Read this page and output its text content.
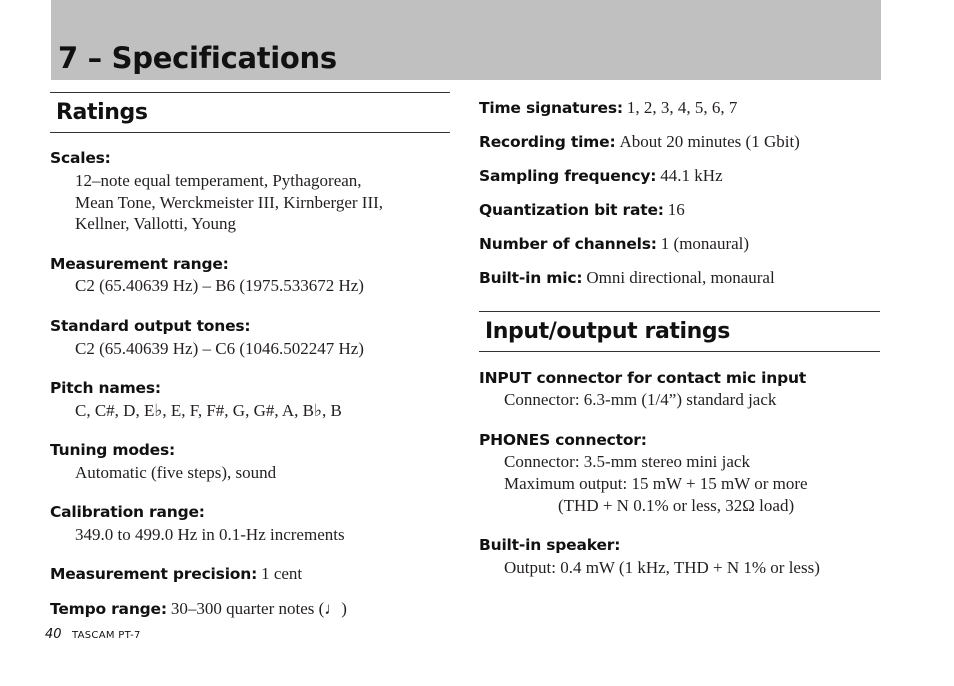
7 – Specifications
Ratings

Scales:

12–note equal temperament, Pythagorean,

Mean Tone, Werckmeister III, Kirnberger III,

Kellner, Vallotti, Young

Measurement range:

C2 (65.40639 Hz) – B6 (1975.533672 Hz)

Standard output tones:

C2 (65.40639 Hz) – C6 (1046.502247 Hz)

Pitch names:

C, C#, D, E♭, E, F, F#, G, G#, A, B♭, B

Tuning modes:

Automatic (five steps), sound

Calibration range:

349.0 to 499.0 Hz in 0.1-Hz increments

Measurement precision: 1 cent

Tempo range: 30–300 quarter notes (♩)

Time signatures: 1, 2, 3, 4, 5, 6, 7

Recording time: About 20 minutes (1 Gbit)

Sampling frequency: 44.1 kHz

Quantization bit rate: 16

Number of channels: 1 (monaural)

Built-in mic: Omni directional, monaural

Input/output ratings

INPUT connector for contact mic input

Connector: 6.3-mm (1/4”) standard jack

PHONES connector:

Connector: 3.5-mm stereo mini jack

Maximum output: 15 mW + 15 mW or more

(THD + N 0.1% or less, 32Ω load)

Built-in speaker:

Output: 0.4 mW (1 kHz, THD + N 1% or less)

40 TASCAM PT-7
